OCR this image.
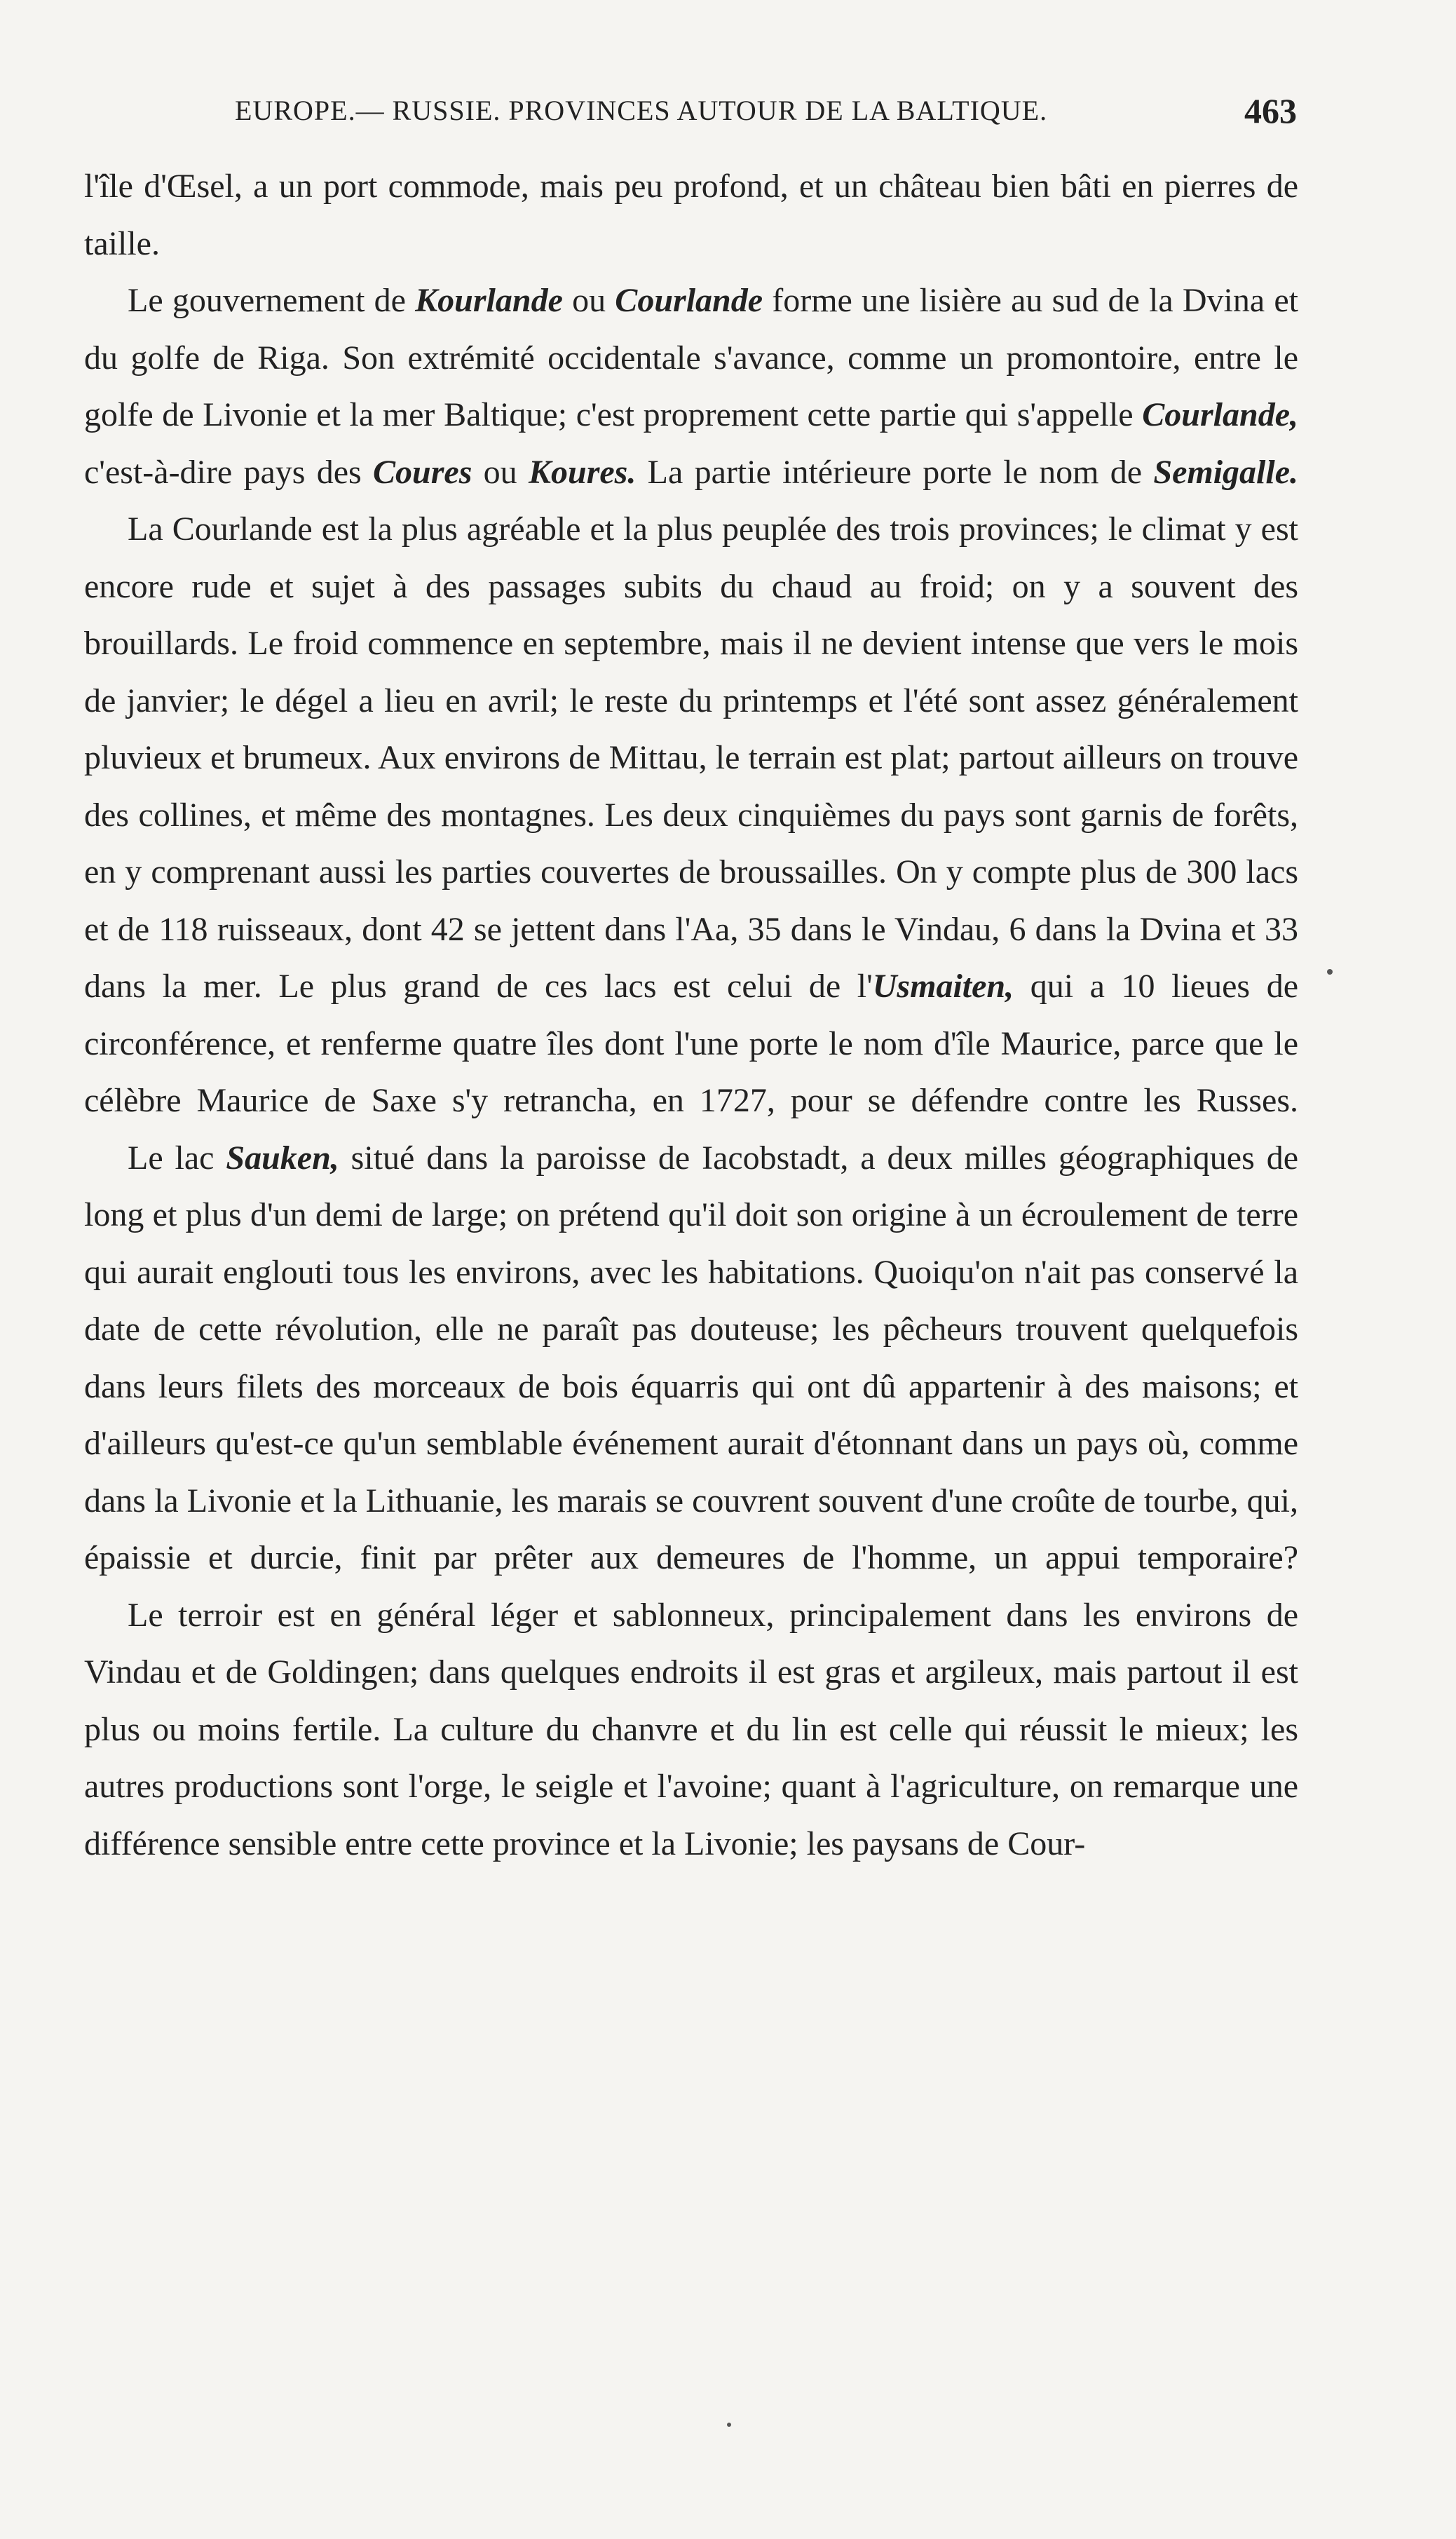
EUROPE.— RUSSIE. PROVINCES AUTOUR DE LA BALTIQUE.	463

l'île d'Œsel, a un port commode, mais peu profond, et un château bien bâti en pierres de taille.

Le gouvernement de Kourlande ou Courlande forme une lisière au sud de la Dvina et du golfe de Riga. Son extrémité occidentale s'avance, comme un promontoire, entre le golfe de Livonie et la mer Baltique; c'est proprement cette partie qui s'appelle Courlande, c'est-à-dire pays des Coures ou Koures. La partie intérieure porte le nom de Semigalle.

La Courlande est la plus agréable et la plus peuplée des trois provinces; le climat y est encore rude et sujet à des passages subits du chaud au froid; on y a souvent des brouillards. Le froid commence en septembre, mais il ne devient intense que vers le mois de janvier; le dégel a lieu en avril; le reste du printemps et l'été sont assez généralement pluvieux et brumeux. Aux environs de Mittau, le terrain est plat; partout ailleurs on trouve des collines, et même des montagnes. Les deux cinquièmes du pays sont garnis de forêts, en y comprenant aussi les parties couvertes de broussailles. On y compte plus de 300 lacs et de 118 ruisseaux, dont 42 se jettent dans l'Aa, 35 dans le Vindau, 6 dans la Dvina et 33 dans la mer. Le plus grand de ces lacs est celui de l'Usmaiten, qui a 10 lieues de circonférence, et renferme quatre îles dont l'une porte le nom d'île Maurice, parce que le célèbre Maurice de Saxe s'y retrancha, en 1727, pour se défendre contre les Russes.

Le lac Sauken, situé dans la paroisse de Iacobstadt, a deux milles géographiques de long et plus d'un demi de large; on prétend qu'il doit son origine à un écroulement de terre qui aurait englouti tous les environs, avec les habitations. Quoiqu'on n'ait pas conservé la date de cette révolution, elle ne paraît pas douteuse; les pêcheurs trouvent quelquefois dans leurs filets des morceaux de bois équarris qui ont dû appartenir à des maisons; et d'ailleurs qu'est-ce qu'un semblable événement aurait d'étonnant dans un pays où, comme dans la Livonie et la Lithuanie, les marais se couvrent souvent d'une croûte de tourbe, qui, épaissie et durcie, finit par prêter aux demeures de l'homme, un appui temporaire?

Le terroir est en général léger et sablonneux, principalement dans les environs de Vindau et de Goldingen; dans quelques endroits il est gras et argileux, mais partout il est plus ou moins fertile. La culture du chanvre et du lin est celle qui réussit le mieux; les autres productions sont l'orge, le seigle et l'avoine; quant à l'agriculture, on remarque une différence sensible entre cette province et la Livonie; les paysans de Cour-
